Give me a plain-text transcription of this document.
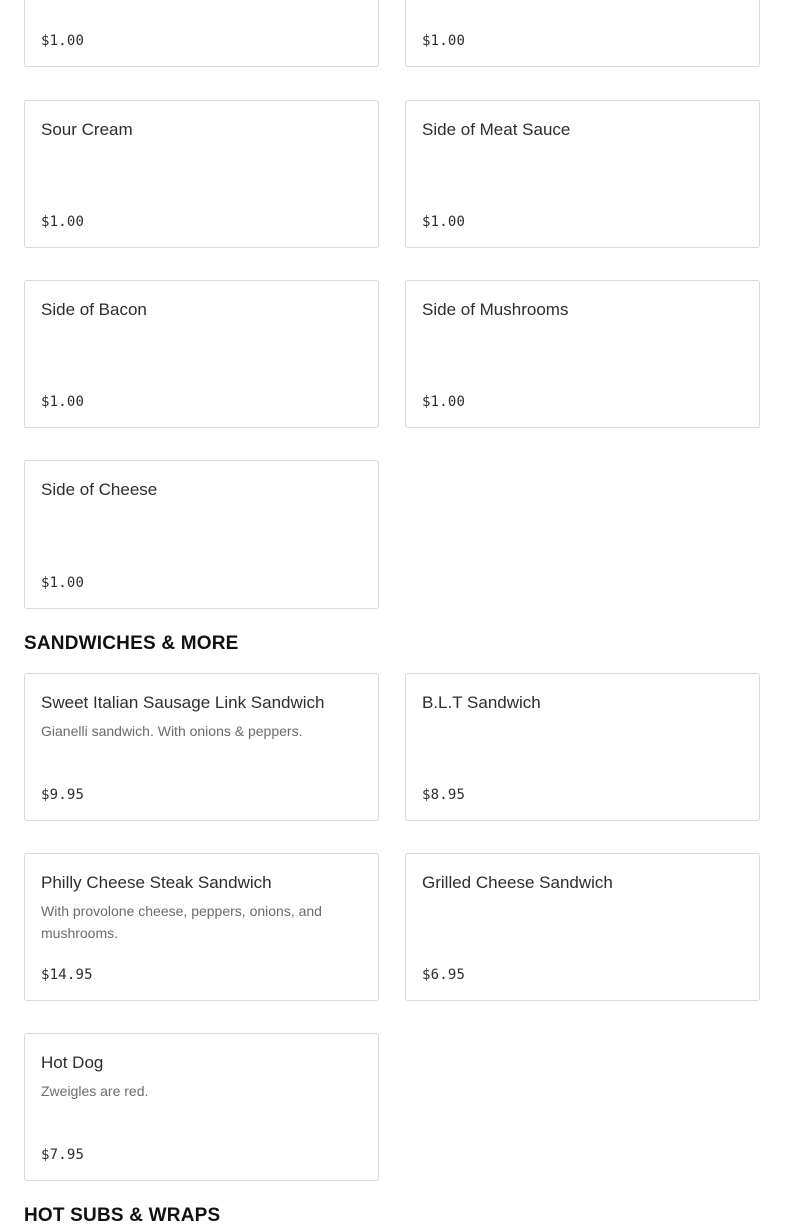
$1.00	$1.00
Sour Cream
$1.00
Side of Meat Sauce
$1.00
Side of Bacon
$1.00
Side of Mushrooms
$1.00
Side of Cheese
$1.00
SANDWICHES & MORE
Sweet Italian Sausage Link Sandwich
Gianelli sandwich. With onions & peppers.
$9.95
B.L.T Sandwich
$8.95
Philly Cheese Steak Sandwich
With provolone cheese, peppers, onions, and mushrooms.
$14.95
Grilled Cheese Sandwich
$6.95
Hot Dog
Zweigles are red.
$7.95
HOT SUBS & WRAPS
